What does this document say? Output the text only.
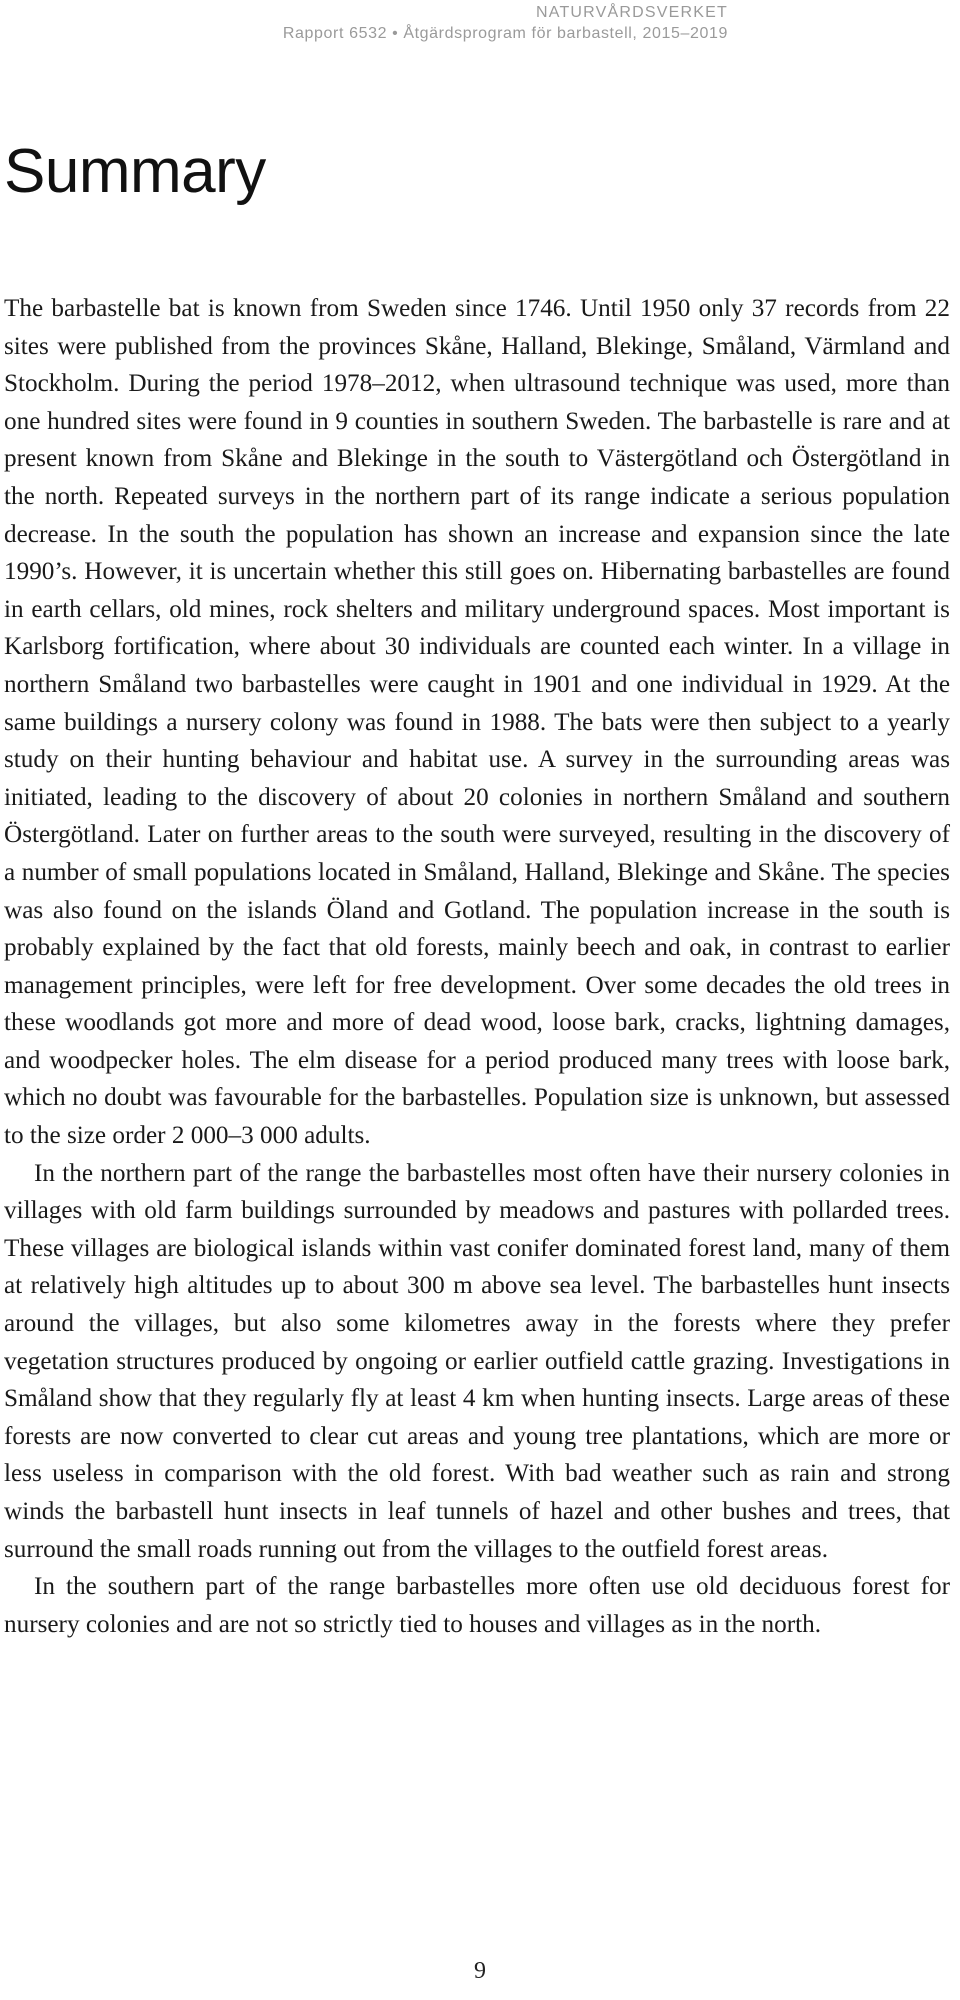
NATURVÅRDSVERKET
Rapport 6532 • Åtgärdsprogram för barbastell, 2015–2019
Summary

The barbastelle bat is known from Sweden since 1746. Until 1950 only 37 records from 22 sites were published from the provinces Skåne, Halland, Blekinge, Småland, Värmland and Stockholm. During the period 1978–2012, when ultrasound technique was used, more than one hundred sites were found in 9 counties in southern Sweden. The barbastelle is rare and at present known from Skåne and Blekinge in the south to Västergötland och Östergötland in the north. Repeated surveys in the northern part of its range indicate a serious population decrease. In the south the population has shown an increase and expansion since the late 1990’s. However, it is uncertain whether this still goes on. Hibernating barbastelles are found in earth cellars, old mines, rock shelters and military underground spaces. Most important is Karlsborg fortification, where about 30 individuals are counted each winter. In a village in northern Småland two barbastelles were caught in 1901 and one individual in 1929. At the same buildings a nursery colony was found in 1988. The bats were then subject to a yearly study on their hunting behaviour and habitat use. A survey in the surrounding areas was initiated, leading to the discovery of about 20 colonies in northern Småland and southern Östergötland. Later on further areas to the south were surveyed, resulting in the discovery of a number of small populations located in Småland, Halland, Blekinge and Skåne. The species was also found on the islands Öland and Gotland. The population increase in the south is probably explained by the fact that old forests, mainly beech and oak, in contrast to earlier management principles, were left for free development. Over some decades the old trees in these woodlands got more and more of dead wood, loose bark, cracks, lightning damages, and woodpecker holes. The elm disease for a period produced many trees with loose bark, which no doubt was favourable for the barbastelles. Population size is unknown, but assessed to the size order 2 000–3 000 adults.

In the northern part of the range the barbastelles most often have their nursery colonies in villages with old farm buildings surrounded by meadows and pastures with pollarded trees. These villages are biological islands within vast conifer dominated forest land, many of them at relatively high altitudes up to about 300 m above sea level. The barbastelles hunt insects around the villages, but also some kilometres away in the forests where they prefer vegetation structures produced by ongoing or earlier outfield cattle grazing. Investigations in Småland show that they regularly fly at least 4 km when hunting insects. Large areas of these forests are now converted to clear cut areas and young tree plantations, which are more or less useless in comparison with the old forest. With bad weather such as rain and strong winds the barbastell hunt insects in leaf tunnels of hazel and other bushes and trees, that surround the small roads running out from the villages to the outfield forest areas.

In the southern part of the range barbastelles more often use old deciduous forest for nursery colonies and are not so strictly tied to houses and villages as in the north.

9
